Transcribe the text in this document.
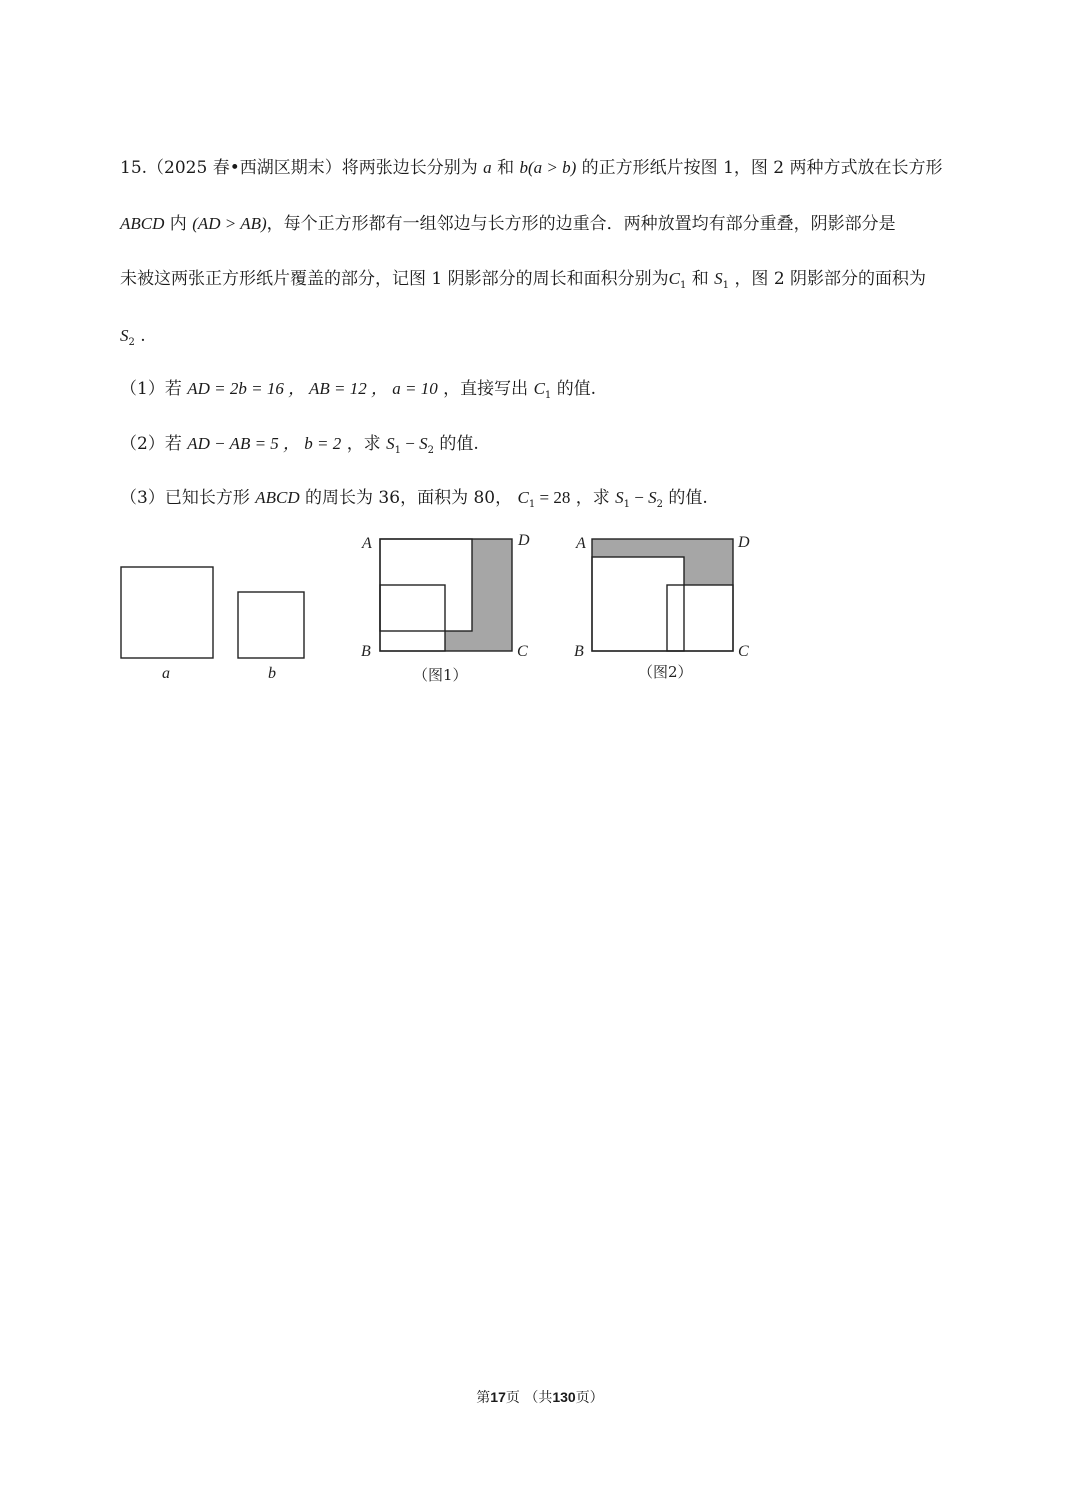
15.（2025 春•西湖区期末）将两张边长分别为 a 和 b(a > b) 的正方形纸片按图 1，图 2 两种方式放在长方形
ABCD 内 (AD > AB)，每个正方形都有一组邻边与长方形的边重合．两种放置均有部分重叠，阴影部分是
未被这两张正方形纸片覆盖的部分，记图 1 阴影部分的周长和面积分别为$C_1$ 和 $S_1$ ，图 2 阴影部分的面积为
$S_2$ .
（1）若 AD = 2b = 16 ， AB = 12 ， a = 10 ，直接写出 $C_1$ 的值.
（2）若 AD − AB = 5 ， b = 2 ，求 $S_1 - S_2$ 的值.
（3）已知长方形 ABCD 的周长为 36，面积为 80， $C_1 = 28$ ，求 $S_1 - S_2$ 的值.
a	b
A	D
B	C
（图1）
A	D
B	C
（图2）
第17页 （共130页）
